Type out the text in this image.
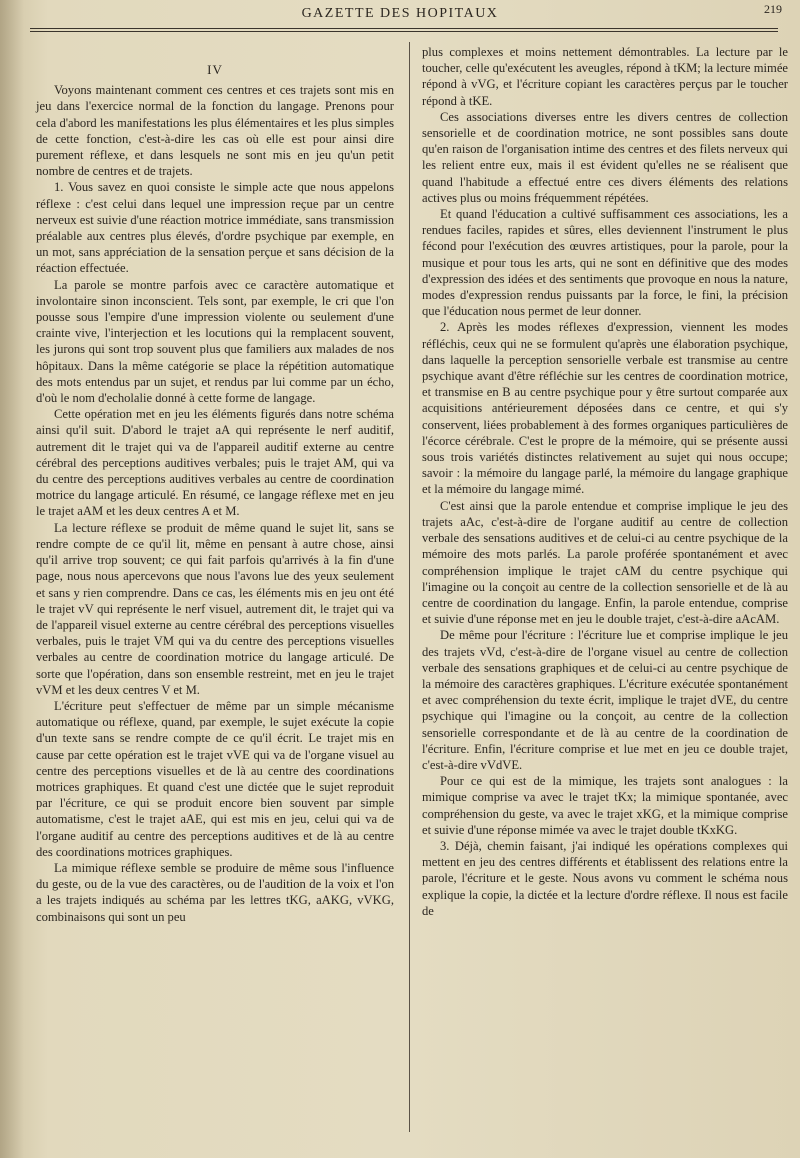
GAZETTE DES HOPITAUX	219
IV

Voyons maintenant comment ces centres et ces trajets sont mis en jeu dans l'exercice normal de la fonction du langage. Prenons pour cela d'abord les manifestations les plus élémentaires et les plus simples de cette fonction, c'est-à-dire les cas où elle est pour ainsi dire purement réflexe, et dans lesquels ne sont mis en jeu qu'un petit nombre de centres et de trajets.

1. Vous savez en quoi consiste le simple acte que nous appelons réflexe : c'est celui dans lequel une impression reçue par un centre nerveux est suivie d'une réaction motrice immédiate, sans transmission préalable aux centres plus élevés, d'ordre psychique par exemple, en un mot, sans appréciation de la sensation perçue et sans décision de la réaction effectuée.

La parole se montre parfois avec ce caractère automatique et involontaire sinon inconscient. Tels sont, par exemple, le cri que l'on pousse sous l'empire d'une impression violente ou seulement d'une crainte vive, l'interjection et les locutions qui la remplacent souvent, les jurons qui sont trop souvent plus que familiers aux malades de nos hôpitaux. Dans la même catégorie se place la répétition automatique des mots entendus par un sujet, et rendus par lui comme par un écho, d'où le nom d'echolalie donné à cette forme de langage.

Cette opération met en jeu les éléments figurés dans notre schéma ainsi qu'il suit. D'abord le trajet aA qui représente le nerf auditif, autrement dit le trajet qui va de l'appareil auditif externe au centre cérébral des perceptions auditives verbales; puis le trajet AM, qui va du centre des perceptions auditives verbales au centre de coordination motrice du langage articulé. En résumé, ce langage réflexe met en jeu le trajet aAM et les deux centres A et M.

La lecture réflexe se produit de même quand le sujet lit, sans se rendre compte de ce qu'il lit, même en pensant à autre chose, ainsi qu'il arrive trop souvent; ce qui fait parfois qu'arrivés à la fin d'une page, nous nous apercevons que nous l'avons lue des yeux seulement et sans y rien comprendre. Dans ce cas, les éléments mis en jeu ont été le trajet vV qui représente le nerf visuel, autrement dit, le trajet qui va de l'appareil visuel externe au centre cérébral des perceptions visuelles verbales, puis le trajet VM qui va du centre des perceptions visuelles verbales au centre de coordination motrice du langage articulé. De sorte que l'opération, dans son ensemble restreint, met en jeu le trajet vVM et les deux centres V et M.

L'écriture peut s'effectuer de même par un simple mécanisme automatique ou réflexe, quand, par exemple, le sujet exécute la copie d'un texte sans se rendre compte de ce qu'il écrit. Le trajet mis en cause par cette opération est le trajet vVE qui va de l'organe visuel au centre des perceptions visuelles et de là au centre des coordinations motrices graphiques. Et quand c'est une dictée que le sujet reproduit par l'écriture, ce qui se produit encore bien souvent par simple automatisme, c'est le trajet aAE, qui est mis en jeu, celui qui va de l'organe auditif au centre des perceptions auditives et de là au centre des coordinations motrices graphiques.

La mimique réflexe semble se produire de même sous l'influence du geste, ou de la vue des caractères, ou de l'audition de la voix et l'on a les trajets indiqués au schéma par les lettres tKG, aAKG, vVKG, combinaisons qui sont un peu

plus complexes et moins nettement démontrables. La lecture par le toucher, celle qu'exécutent les aveugles, répond à tKM; la lecture mimée répond à vVG, et l'écriture copiant les caractères perçus par le toucher répond à tKE.

Ces associations diverses entre les divers centres de collection sensorielle et de coordination motrice, ne sont possibles sans doute qu'en raison de l'organisation intime des centres et des filets nerveux qui les relient entre eux, mais il est évident qu'elles ne se réalisent que quand l'habitude a effectué entre ces divers éléments des relations actives plus ou moins fréquemment répétées.

Et quand l'éducation a cultivé suffisamment ces associations, les a rendues faciles, rapides et sûres, elles deviennent l'instrument le plus fécond pour l'exécution des œuvres artistiques, pour la parole, pour la musique et pour tous les arts, qui ne sont en définitive que des modes d'expression des idées et des sentiments que provoque en nous la nature, modes d'expression rendus puissants par la force, le fini, la précision que l'éducation nous permet de leur donner.

2. Après les modes réflexes d'expression, viennent les modes réfléchis, ceux qui ne se formulent qu'après une élaboration psychique, dans laquelle la perception sensorielle verbale est transmise au centre psychique avant d'être réfléchie sur les centres de coordination motrice, et transmise en B au centre psychique pour y être surtout comparée aux acquisitions antérieurement déposées dans ce centre, et qui s'y conservent, liées probablement à des formes organiques particulières de l'écorce cérébrale. C'est le propre de la mémoire, qui se présente aussi sous trois variétés distinctes relativement au sujet qui nous occupe; savoir : la mémoire du langage parlé, la mémoire du langage graphique et la mémoire du langage mimé.

C'est ainsi que la parole entendue et comprise implique le jeu des trajets aAc, c'est-à-dire de l'organe auditif au centre de collection verbale des sensations auditives et de celui-ci au centre psychique de la mémoire des mots parlés. La parole proférée spontanément et avec compréhension implique le trajet cAM du centre psychique qui l'imagine ou la conçoit au centre de la collection sensorielle et de là au centre de coordination du langage. Enfin, la parole entendue, comprise et suivie d'une réponse met en jeu le double trajet, c'est-à-dire aAcAM.

De même pour l'écriture : l'écriture lue et comprise implique le jeu des trajets vVd, c'est-à-dire de l'organe visuel au centre de collection verbale des sensations graphiques et de celui-ci au centre psychique de la mémoire des caractères graphiques. L'écriture exécutée spontanément et avec compréhension du texte écrit, implique le trajet dVE, du centre psychique qui l'imagine ou la conçoit, au centre de la collection sensorielle correspondante et de là au centre de la coordination de l'écriture. Enfin, l'écriture comprise et lue met en jeu ce double trajet, c'est-à-dire vVdVE.

Pour ce qui est de la mimique, les trajets sont analogues : la mimique comprise va avec le trajet tKx; la mimique spontanée, avec compréhension du geste, va avec le trajet xKG, et la mimique comprise et suivie d'une réponse mimée va avec le trajet double tKxKG.

3. Déjà, chemin faisant, j'ai indiqué les opérations complexes qui mettent en jeu des centres différents et établissent des relations entre la parole, l'écriture et le geste. Nous avons vu comment le schéma nous explique la copie, la dictée et la lecture d'ordre réflexe. Il nous est facile de
